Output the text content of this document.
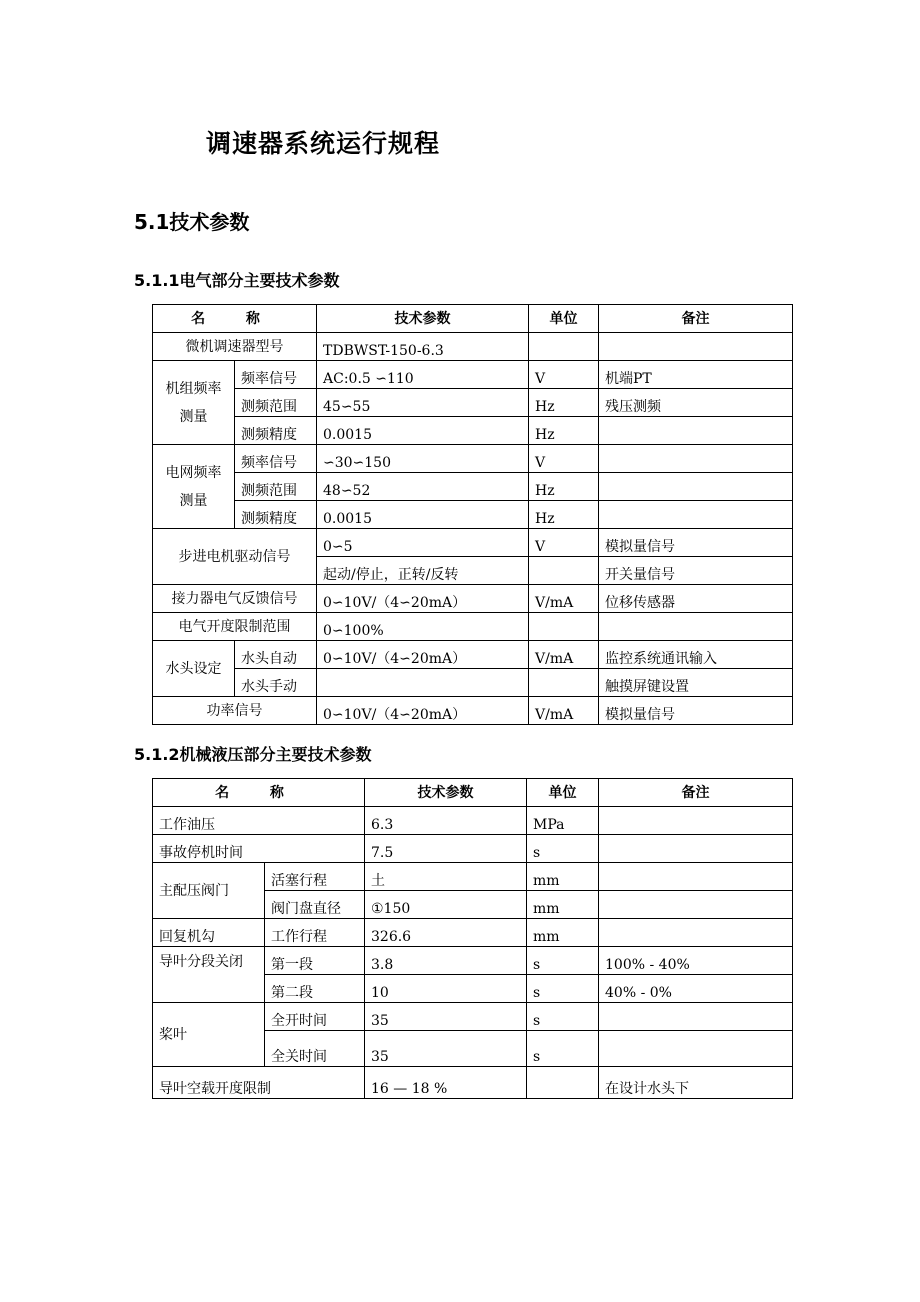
调速器系统运行规程
5.1技术参数
5.1.1电气部分主要技术参数
名 称		技术参数	单位	备注
微机调速器型号		TDBWST-150-6.3		
机组频率测量	频率信号	AC:0.5 ∽110	V	机端PT
	测频范围	45∽55	Hz	残压测频
	测频精度	0.0015	Hz	
电网频率测量	频率信号	∽30∽150	V	
	测频范围	48∽52	Hz	
	测频精度	0.0015	Hz	
步进电机驱动信号		0∽5	V	模拟量信号
		起动/停止，正转/反转		开关量信号
接力器电气反馈信号		0∽10V/（4∽20mA）	V/mA	位移传感器
电气开度限制范围		0∽100%		
水头设定	水头自动	0∽10V/（4∽20mA）	V/mA	监控系统通讯输入
	水头手动			触摸屏键设置
功率信号		0∽10V/（4∽20mA）	V/mA	模拟量信号
5.1.2机械液压部分主要技术参数
名 称		技术参数	单位	备注
工作油压		6.3	MPa	
事故停机时间		7.5	s	
主配压阀门	活塞行程	土	mm	
	阀门盘直径	①150	mm	
回复机勾	工作行程	326.6	mm	
导叶分段关闭	第一段	3.8	s	100% - 40%
	第二段	10	s	40% - 0%
桨叶	全开时间	35	s	
	全关时间	35	s	
导叶空载开度限制		16 — 18 %		在设计水头下
